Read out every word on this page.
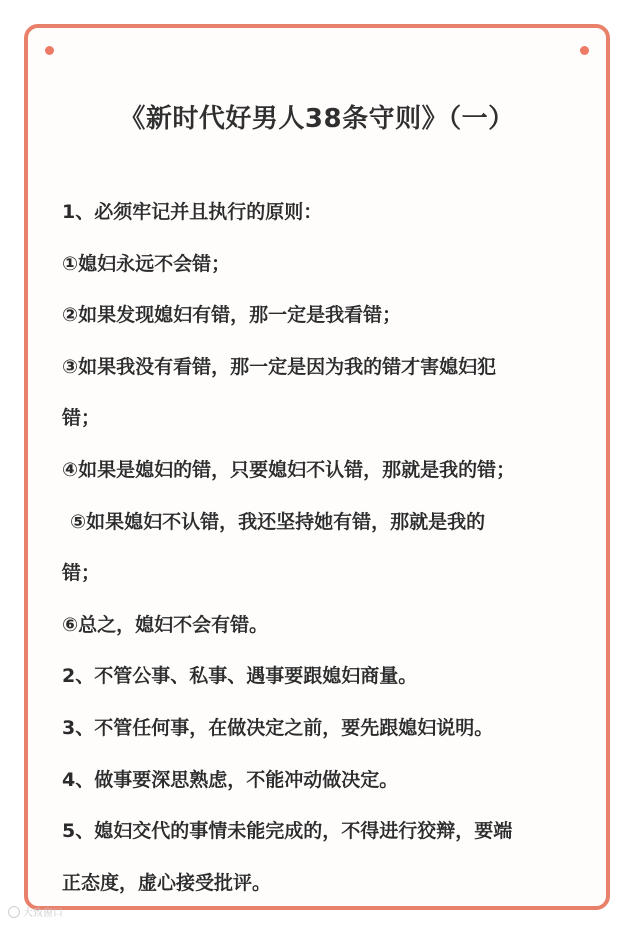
《新时代好男人38条守则》（一）
1、必须牢记并且执行的原则：
①媳妇永远不会错；
②如果发现媳妇有错，那一定是我看错；
③如果我没有看错，那一定是因为我的错才害媳妇犯
错；
④如果是媳妇的错，只要媳妇不认错，那就是我的错；
⑤如果媳妇不认错，我还坚持她有错，那就是我的
错；
⑥总之，媳妇不会有错。
2、不管公事、私事、遇事要跟媳妇商量。
3、不管任何事，在做决定之前，要先跟媳妇说明。
4、做事要深思熟虑，不能冲动做决定。
5、媳妇交代的事情未能完成的，不得进行狡辩，要端
正态度，虚心接受批评。
大致窗口
